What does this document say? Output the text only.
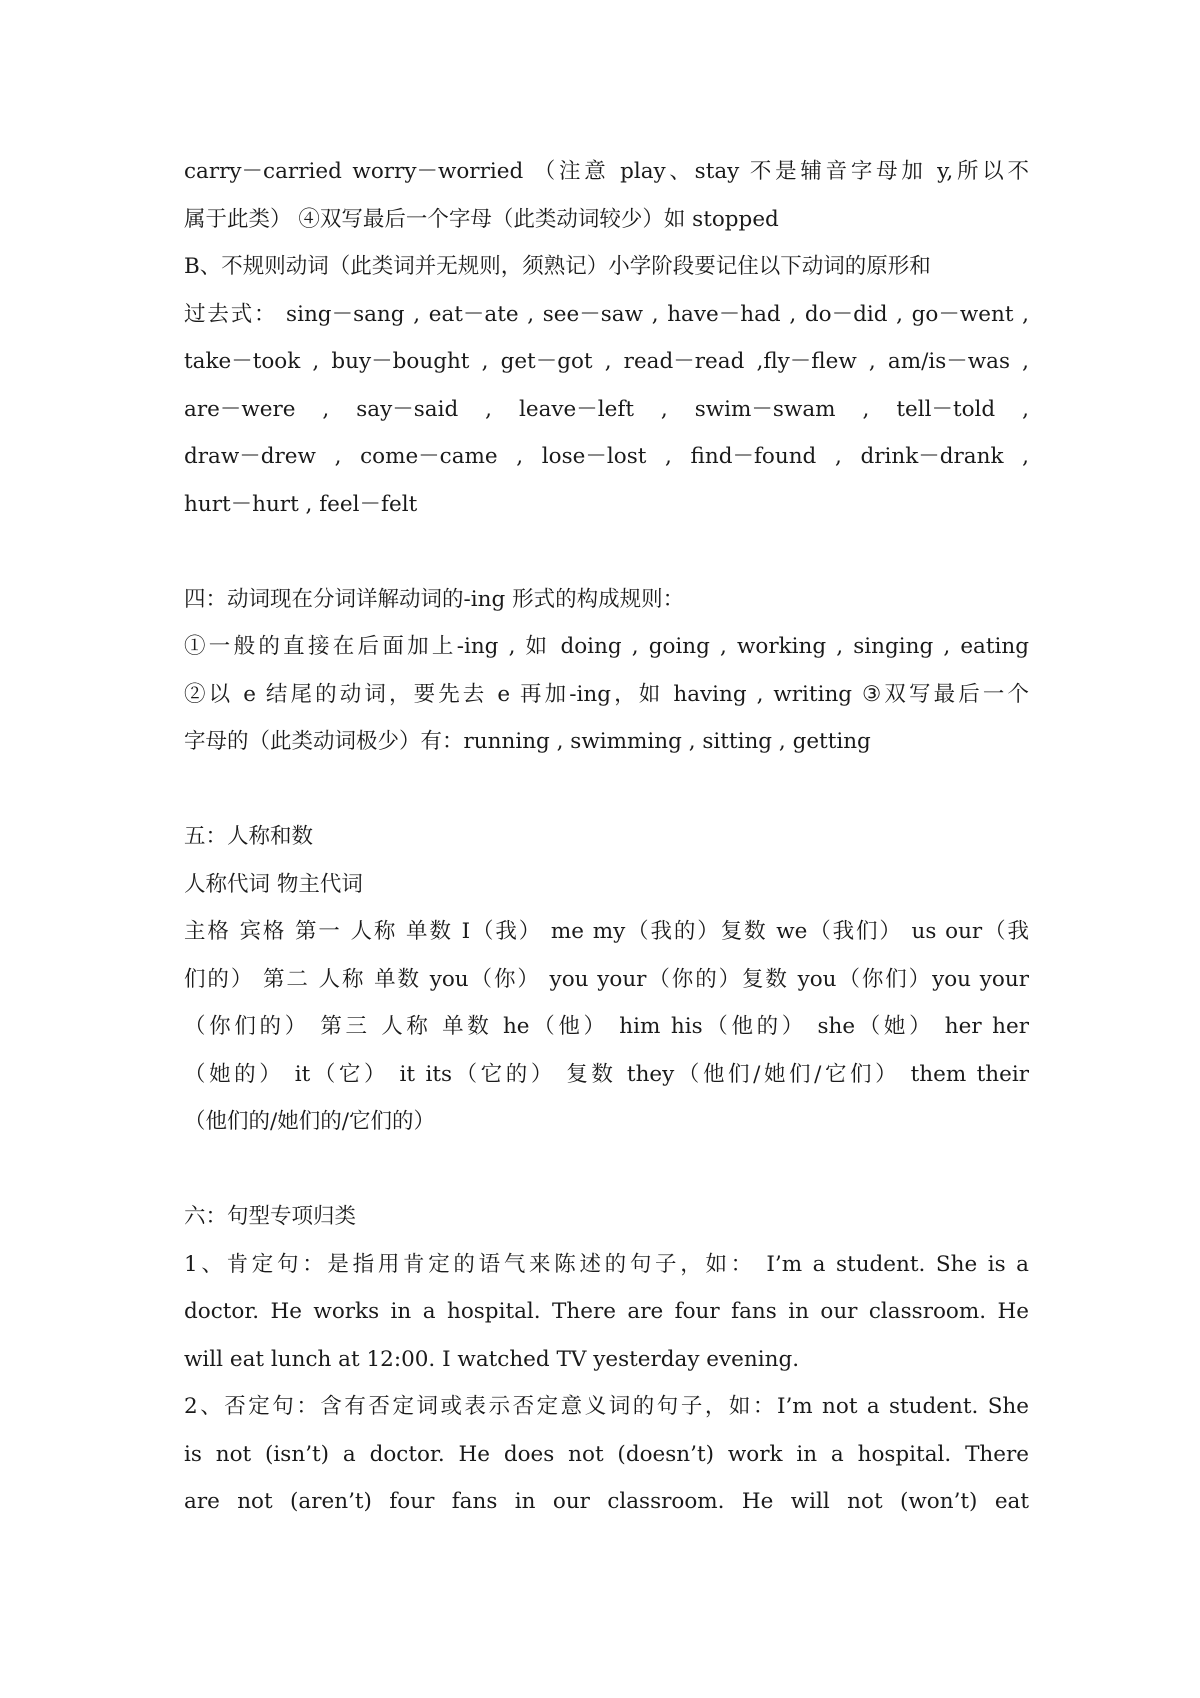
carry－carried worry－worried （注意 play、stay 不是辅音字母加 y,所以不
属于此类） ④双写最后一个字母（此类动词较少）如 stopped
B、不规则动词（此类词并无规则，须熟记）小学阶段要记住以下动词的原形和
过去式： sing－sang , eat－ate , see－saw , have－had , do－did , go－went ,
take－took , buy－bought , get－got , read－read ,fly－flew , am/is－was ,
are－were , say－said , leave－left , swim－swam , tell－told ,
draw－drew , come－came , lose－lost , find－found , drink－drank ,
hurt－hurt , feel－felt
四：动词现在分词详解动词的-ing 形式的构成规则：
①一般的直接在后面加上-ing , 如 doing , going , working , singing , eating
②以 e 结尾的动词，要先去 e 再加-ing，如 having , writing ③双写最后一个
字母的（此类动词极少）有：running , swimming , sitting , getting
五：人称和数
人称代词 物主代词
主格 宾格 第一 人称 单数 I（我） me my（我的）复数 we（我们） us our（我
们的） 第二 人称 单数 you（你） you your（你的）复数 you（你们）you your
（你们的） 第三 人称 单数 he（他） him his（他的） she（她） her her
（她的） it（它） it its（它的） 复数 they（他们/她们/它们） them their
（他们的/她们的/它们的）
六：句型专项归类
1、肯定句：是指用肯定的语气来陈述的句子，如： I’m a student. She is a
doctor. He works in a hospital. There are four fans in our classroom. He
will eat lunch at 12:00. I watched TV yesterday evening.
2、否定句：含有否定词或表示否定意义词的句子，如：I’m not a student. She
is not (isn’t) a doctor. He does not (doesn’t) work in a hospital. There
are not (aren’t) four fans in our classroom. He will not (won’t) eat
